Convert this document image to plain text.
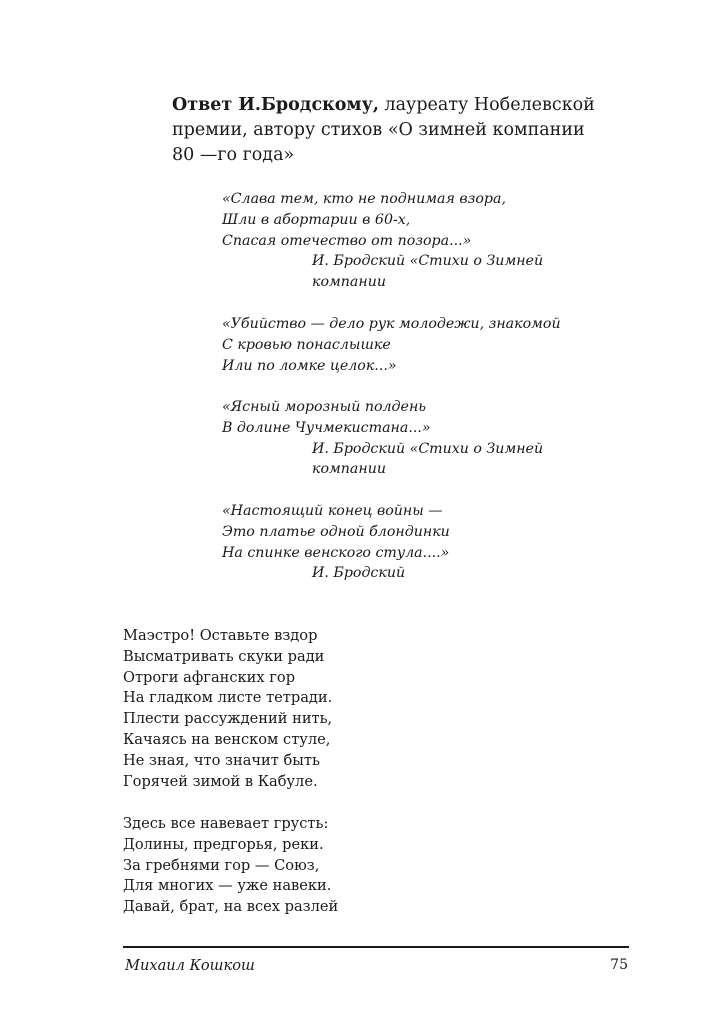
Ответ И.Бродскому, лауреату Нобелевской
премии, автору стихов «О зимней компании
80 —го года»
«Слава тем, кто не поднимая взора,
Шли в абортарии в 60-х,
Спасая отечество от позора...»
И. Бродский «Стихи о Зимней
компании
«Убийство — дело рук молодежи, знакомой
С кровью понаслышке
Или по ломке целок...»
«Ясный морозный полдень
В долине Чучмекистана...»
И. Бродский «Стихи о Зимней
компании
«Настоящий конец войны —
Это платье одной блондинки
На спинке венского стула....»
И. Бродский
Маэстро! Оставьте вздор
Высматривать скуки ради
Отроги афганских гор
На гладком листе тетради.
Плести рассуждений нить,
Качаясь на венском стуле,
Не зная, что значит быть
Горячей зимой в Кабуле.
Здесь все навевает грусть:
Долины, предгорья, реки.
За гребнями гор — Союз,
Для многих — уже навеки.
Давай, брат, на всех разлей
Михаил Кошкош	75
